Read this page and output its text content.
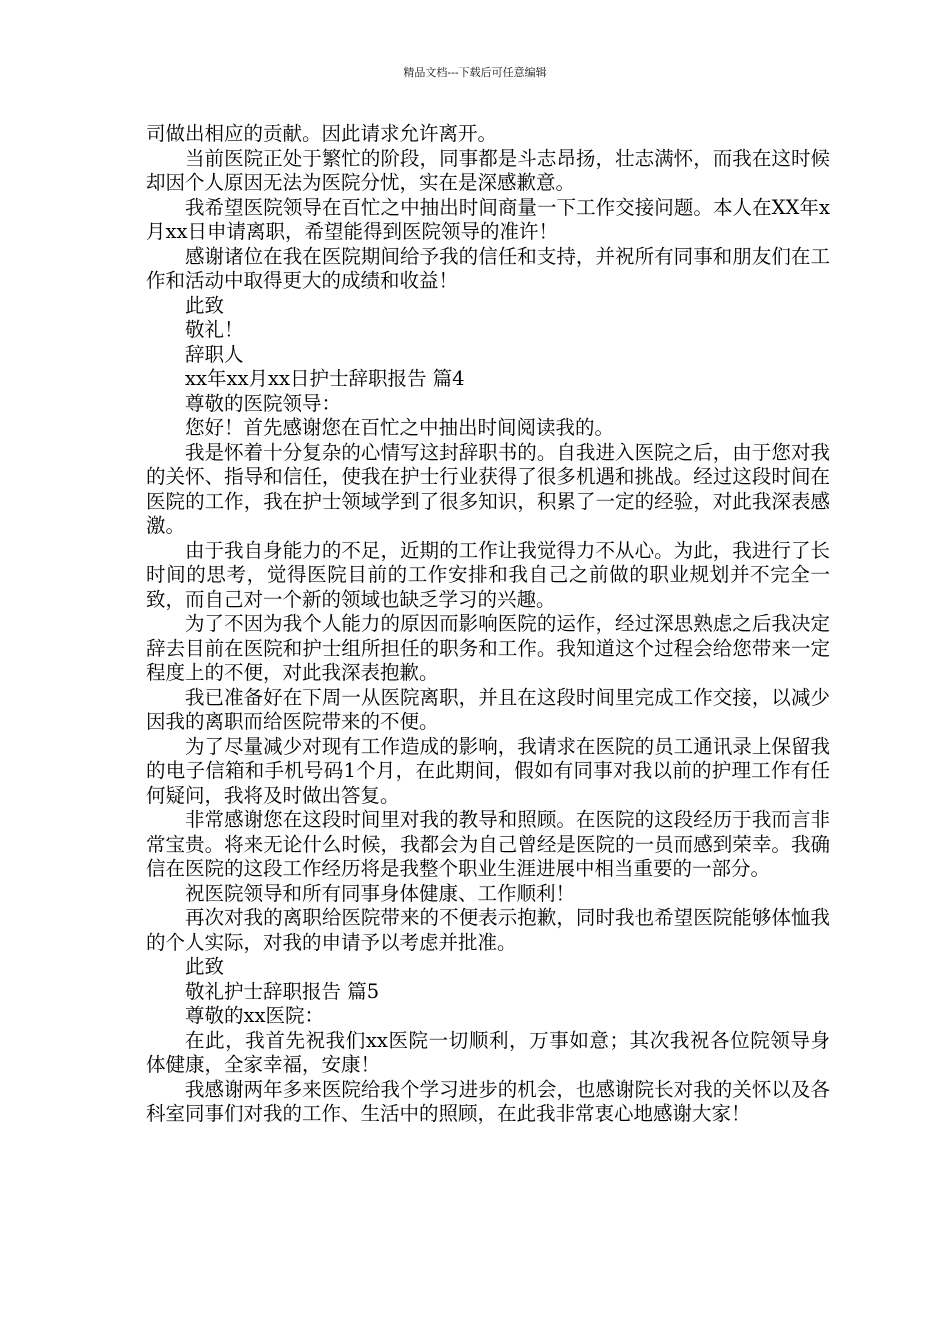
精品文档---下载后可任意编辑

司做出相应的贡献。因此请求允许离开。

当前医院正处于繁忙的阶段，同事都是斗志昂扬，壮志满怀，而我在这时候却因个人原因无法为医院分忧，实在是深感歉意。

我希望医院领导在百忙之中抽出时间商量一下工作交接问题。本人在XX年x月xx日申请离职，希望能得到医院领导的准许！

感谢诸位在我在医院期间给予我的信任和支持，并祝所有同事和朋友们在工作和活动中取得更大的成绩和收益！

此致

敬礼！

辞职人

xx年xx月xx日护士辞职报告 篇4

尊敬的医院领导：

您好！首先感谢您在百忙之中抽出时间阅读我的。

我是怀着十分复杂的心情写这封辞职书的。自我进入医院之后，由于您对我的关怀、指导和信任，使我在护士行业获得了很多机遇和挑战。经过这段时间在医院的工作，我在护士领域学到了很多知识，积累了一定的经验，对此我深表感激。

由于我自身能力的不足，近期的工作让我觉得力不从心。为此，我进行了长时间的思考，觉得医院目前的工作安排和我自己之前做的职业规划并不完全一致，而自己对一个新的领域也缺乏学习的兴趣。

为了不因为我个人能力的原因而影响医院的运作，经过深思熟虑之后我决定辞去目前在医院和护士组所担任的职务和工作。我知道这个过程会给您带来一定程度上的不便，对此我深表抱歉。

我已准备好在下周一从医院离职，并且在这段时间里完成工作交接，以减少因我的离职而给医院带来的不便。

为了尽量减少对现有工作造成的影响，我请求在医院的员工通讯录上保留我的电子信箱和手机号码1个月，在此期间，假如有同事对我以前的护理工作有任何疑问，我将及时做出答复。

非常感谢您在这段时间里对我的教导和照顾。在医院的这段经历于我而言非常宝贵。将来无论什么时候，我都会为自己曾经是医院的一员而感到荣幸。我确信在医院的这段工作经历将是我整个职业生涯进展中相当重要的一部分。

祝医院领导和所有同事身体健康、工作顺利！

再次对我的离职给医院带来的不便表示抱歉，同时我也希望医院能够体恤我的个人实际，对我的申请予以考虑并批准。

此致

敬礼护士辞职报告 篇5

尊敬的xx医院：

在此，我首先祝我们xx医院一切顺利，万事如意；其次我祝各位院领导身体健康，全家幸福，安康！

我感谢两年多来医院给我个学习进步的机会，也感谢院长对我的关怀以及各科室同事们对我的工作、生活中的照顾，在此我非常衷心地感谢大家！
